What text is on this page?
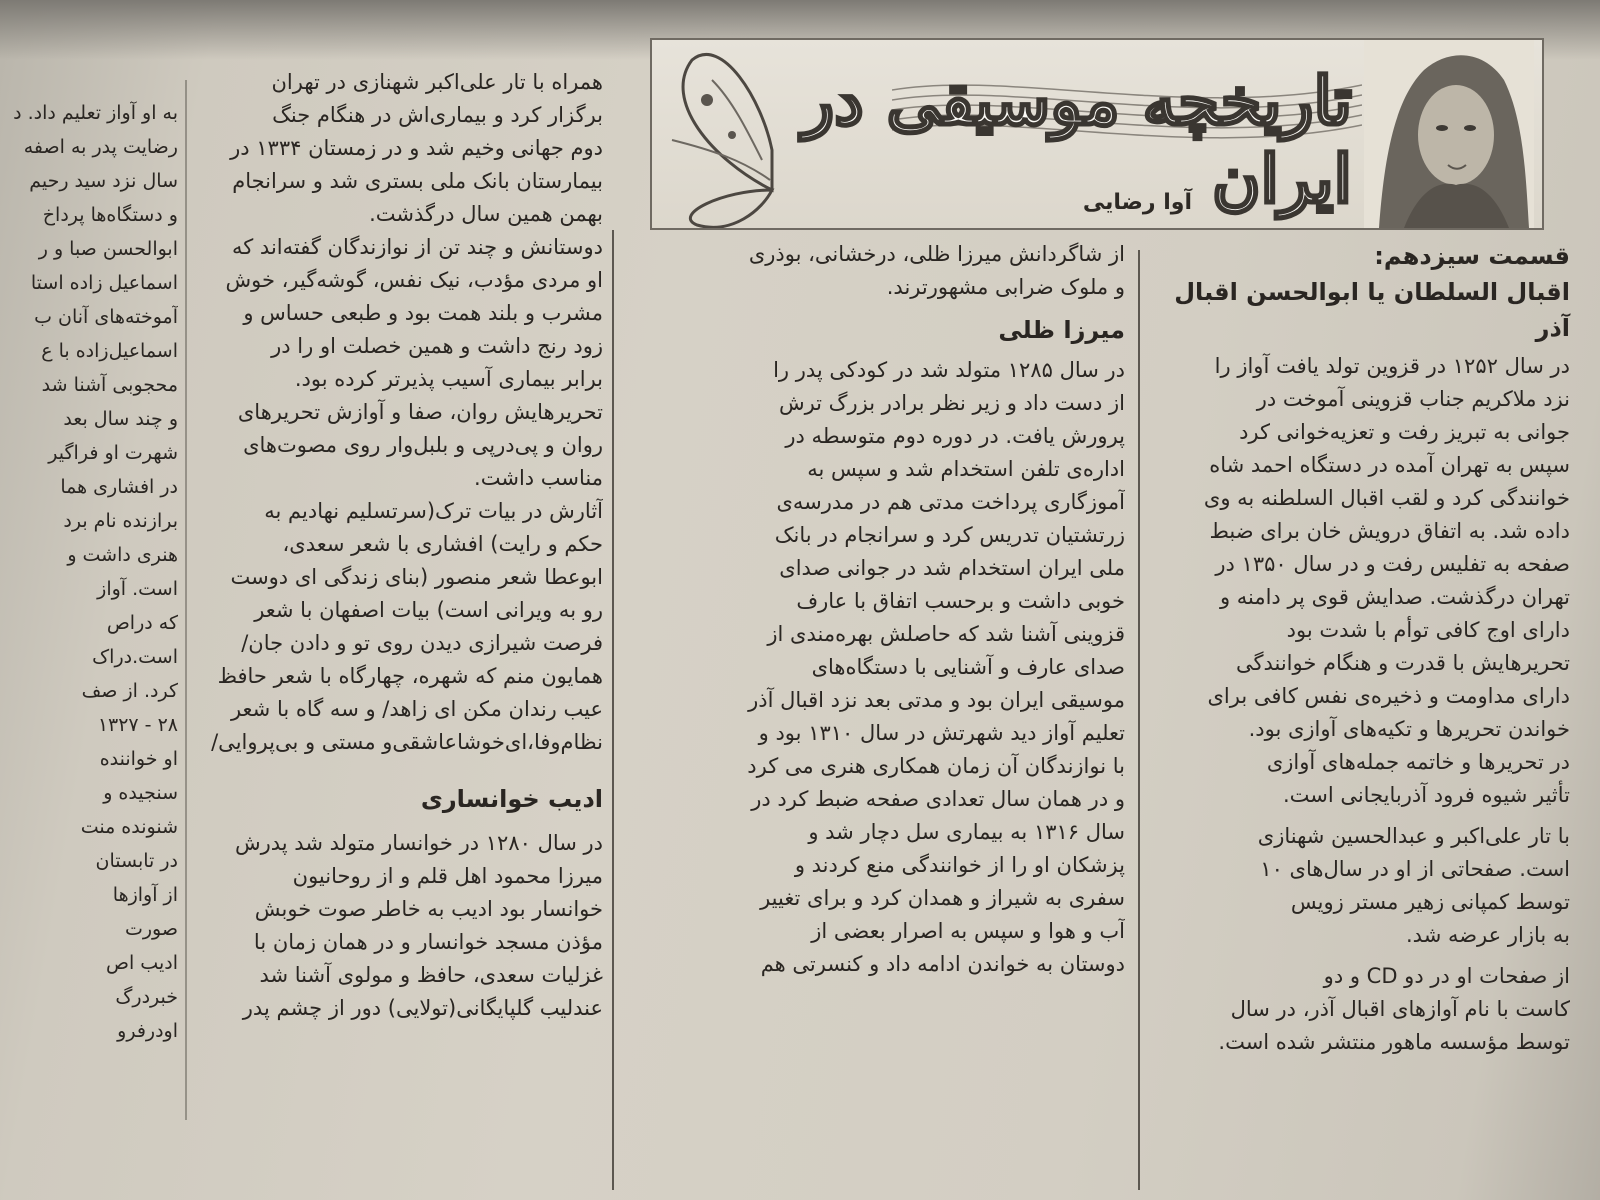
تاریخچه موسیقی در ایران
آوا رضایی
قسمت سیزدهم:
اقبال السلطان یا ابوالحسن اقبال آذر
در سال ۱۲۵۲ در قزوین تولد یافت آواز را
نزد ملاکریم جناب قزوینی آموخت در
جوانی به تبریز رفت و تعزیه‌خوانی کرد
سپس به تهران آمده در دستگاه احمد شاه
خوانندگی کرد و لقب اقبال السلطنه به وی
داده شد. به اتفاق درویش خان برای ضبط
صفحه به تفلیس رفت و در سال ۱۳۵۰ در
تهران درگذشت. صدایش قوی پر دامنه و
دارای اوج کافی توأم با شدت بود
تحریرهایش با قدرت و هنگام خوانندگی
دارای مداومت و ذخیره‌ی نفس کافی برای
خواندن تحریرها و تکیه‌های آوازی بود.
در تحریرها و خاتمه جمله‌های آوازی
تأثیر شیوه فرود آذربایجانی است.
با تار علی‌اکبر و عبدالحسین شهنازی
است. صفحاتی از او در سال‌های ۱۰
توسط کمپانی زهیر مستر زویس
به بازار عرضه شد.
از صفحات او در دو CD و دو
کاست با نام آوازهای اقبال آذر، در سال
توسط مؤسسه ماهور منتشر شده است.
از شاگردانش میرزا ظلی، درخشانی، بوذری
و ملوک ضرابی مشهورترند.
میرزا ظلی
در سال ۱۲۸۵ متولد شد در کودکی پدر را
از دست داد و زیر نظر برادر بزرگ ترش
پرورش یافت. در دوره دوم متوسطه در
اداره‌ی تلفن استخدام شد و سپس به
آموزگاری پرداخت مدتی هم در مدرسه‌ی
زرتشتیان تدریس کرد و سرانجام در بانک
ملی ایران استخدام شد در جوانی صدای
خوبی داشت و برحسب اتفاق با عارف
قزوینی آشنا شد که حاصلش بهره‌مندی از
صدای عارف و آشنایی با دستگاه‌های
موسیقی ایران بود و مدتی بعد نزد اقبال آذر
تعلیم آواز دید شهرتش در سال ۱۳۱۰ بود و
با نوازندگان آن زمان همکاری هنری می کرد
و در همان سال تعدادی صفحه ضبط کرد در
سال ۱۳۱۶ به بیماری سل دچار شد و
پزشکان او را از خوانندگی منع کردند و
سفری به شیراز و همدان کرد و برای تغییر
آب و هوا و سپس به اصرار بعضی از
دوستان به خواندن ادامه داد و کنسرتی هم
همراه با تار علی‌اکبر شهنازی در تهران
برگزار کرد و بیماری‌اش در هنگام جنگ
دوم جهانی وخیم شد و در زمستان ۱۳۳۴ در
بیمارستان بانک ملی بستری شد و سرانجام
بهمن همین سال درگذشت.
دوستانش و چند تن از نوازندگان گفته‌اند که
او مردی مؤدب، نیک نفس، گوشه‌گیر، خوش
مشرب و بلند همت بود و طبعی حساس و
زود رنج داشت و همین خصلت او را در
برابر بیماری آسیب پذیرتر کرده بود.
تحریرهایش روان، صفا و آوازش تحریرهای
روان و پی‌درپی و بلبل‌وار روی مصوت‌های
مناسب داشت.
آثارش در بیات ترک(سرتسلیم نهادیم به
حکم و رایت) افشاری با شعر سعدی،
ابوعطا شعر منصور (بنای زندگی ای دوست
رو به ویرانی است) بیات اصفهان با شعر
فرصت شیرازی دیدن روی تو و دادن جان/
همایون منم که شهره، چهارگاه با شعر حافظ
عیب رندان مکن ای زاهد/ و سه گاه با شعر
نظام‌وفا،ای‌خوشاعاشقی‌و مستی و بی‌پروایی/
ادیب خوانساری
در سال ۱۲۸۰ در خوانسار متولد شد پدرش
میرزا محمود اهل قلم و از روحانیون
خوانسار بود ادیب به خاطر صوت خوبش
مؤذن مسجد خوانسار و در همان زمان با
غزلیات سعدی، حافظ و مولوی آشنا شد
عندلیب گلپایگانی(تولایی) دور از چشم پدر
به او آواز تعلیم داد. د
رضایت پدر به اصفه
سال نزد سید رحیم
و دستگاه‌ها پرداخ
ابوالحسن صبا و ر
اسماعیل زاده استا
آموخته‌های آنان ب
اسماعیل‌زاده با ع
محجوبی آشنا شد
و چند سال بعد
شهرت او فراگیر
در افشاری هما
برازنده نام برد
هنری داشت و
است. آواز
که دراص
است.دراک
کرد. از صف
۲۸ - ۱۳۲۷
او خواننده
سنجیده و
شنونده منت
در تابستان
از آوازها
صورت
ادیب اص
خبردرگ
اودرفرو
